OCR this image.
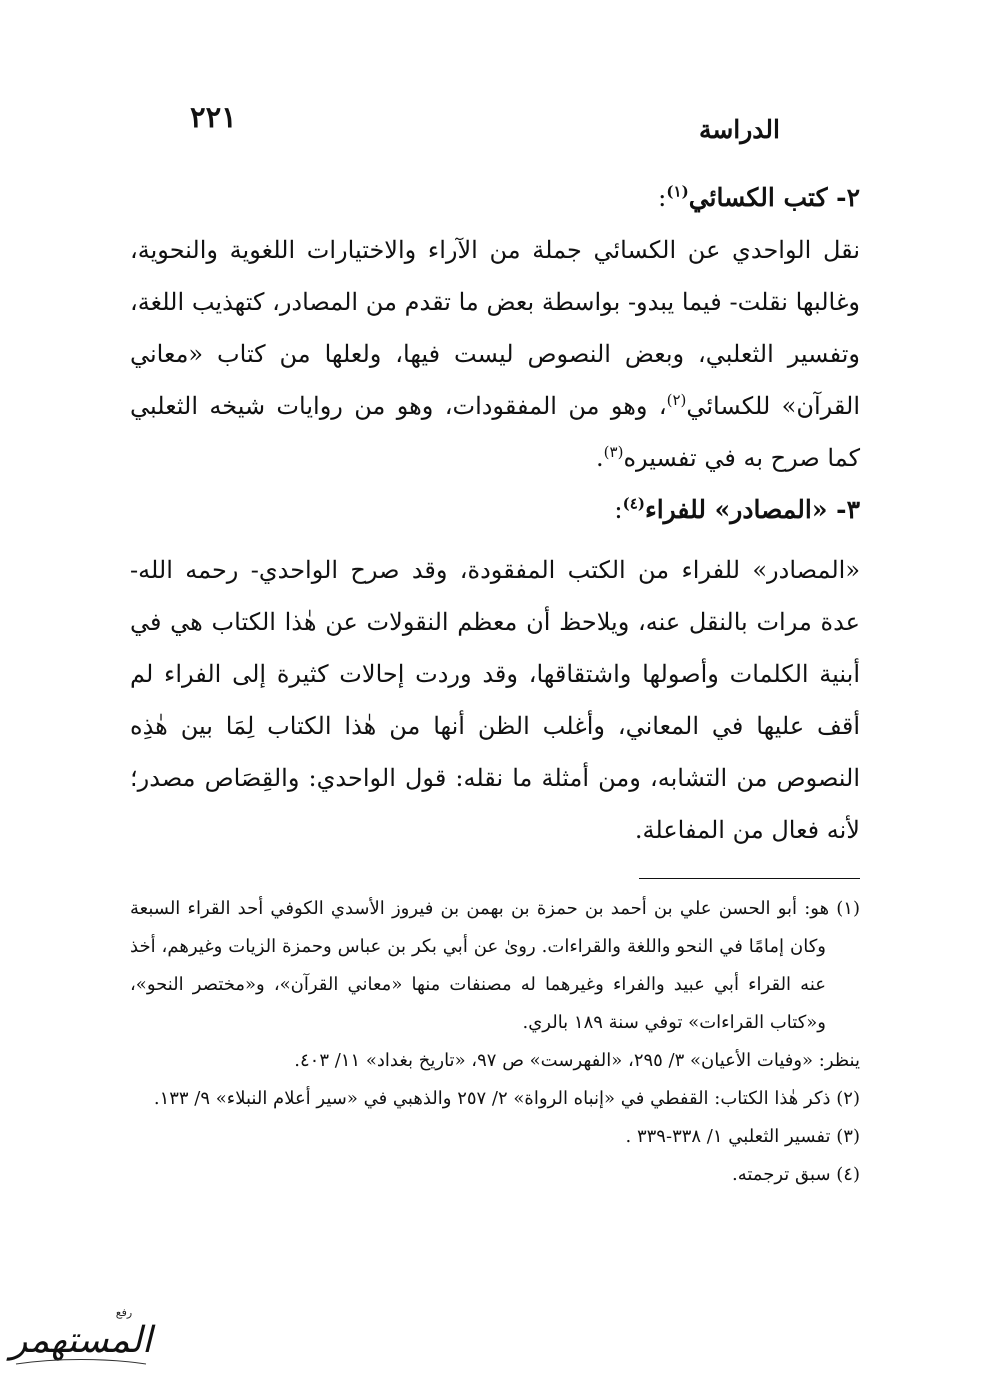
٢٢١	الدراسة
٢- كتب الكسائي$^{(١)}$:

نقل الواحدي عن الكسائي جملة من الآراء والاختيارات اللغوية والنحوية، وغالبها نقلت- فيما يبدو- بواسطة بعض ما تقدم من المصادر، كتهذيب اللغة، وتفسير الثعلبي، وبعض النصوص ليست فيها، ولعلها من كتاب «معاني القرآن» للكسائي$^{(٢)}$، وهو من المفقودات، وهو من روايات شيخه الثعلبي كما صرح به في تفسيره$^{(٣)}$.

٣- «المصادر» للفراء$^{(٤)}$:

«المصادر» للفراء من الكتب المفقودة، وقد صرح الواحدي- رحمه الله- عدة مرات بالنقل عنه، ويلاحظ أن معظم النقولات عن هٰذا الكتاب هي في أبنية الكلمات وأصولها واشتقاقها، وقد وردت إحالات كثيرة إلى الفراء لم أقف عليها في المعاني، وأغلب الظن أنها من هٰذا الكتاب لِمَا بين هٰذِه النصوص من التشابه، ومن أمثلة ما نقله: قول الواحدي: والقِصَاص مصدر؛ لأنه فعال من المفاعلة.

(١) هو: أبو الحسن علي بن أحمد بن حمزة بن بهمن بن فيروز الأسدي الكوفي أحد القراء السبعة وكان إمامًا في النحو واللغة والقراءات. روىٰ عن أبي بكر بن عباس وحمزة الزيات وغيرهم، أخذ عنه القراء أبي عبيد والفراء وغيرهما له مصنفات منها «معاني القرآن»، و«مختصر النحو»، و«كتاب القراءات» توفي سنة ١٨٩ بالري.

ينظر: «وفيات الأعيان» ٣/ ٢٩٥، «الفهرست» ص ٩٧، «تاريخ بغداد» ١١/ ٤٠٣.

(٢) ذكر هٰذا الكتاب: القفطي في «إنباه الرواة» ٢/ ٢٥٧ والذهبي في «سير أعلام النبلاء» ٩/ ١٣٣.

(٣) تفسير الثعلبي ١/ ٣٣٨-٣٣٩ .

(٤) سبق ترجمته.

رفع
المستهمر
